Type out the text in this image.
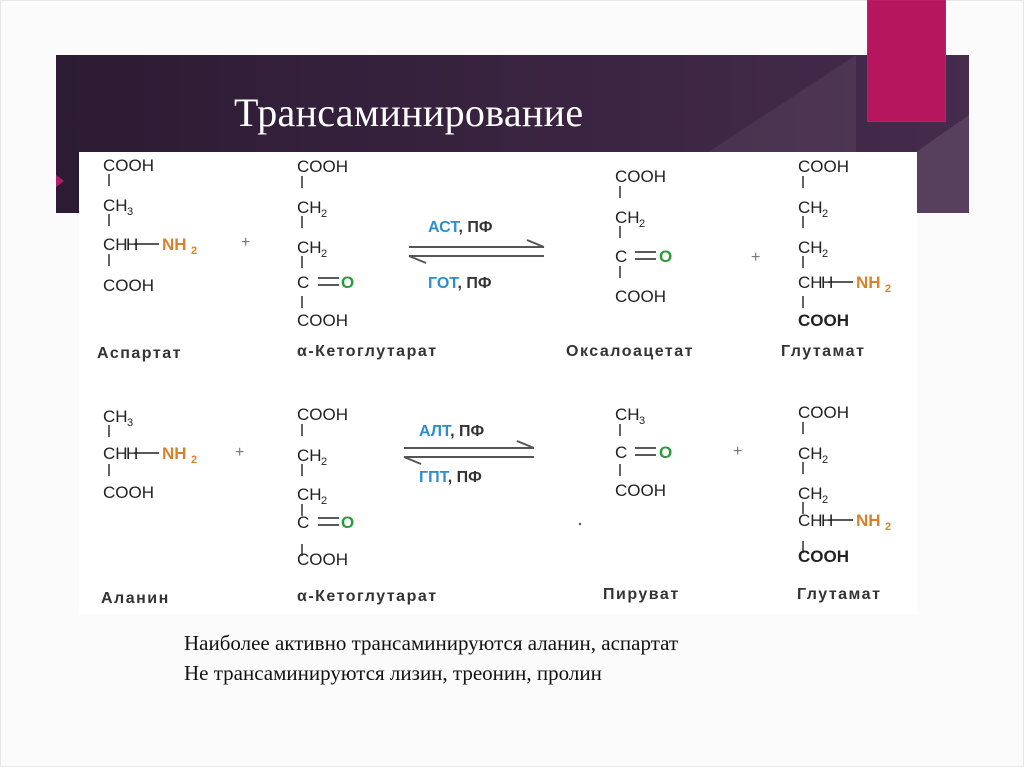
Трансаминирование
COOH
CH 3
CH
H NH 2
COOH
+
COOH
CH 2
CH 2
C O
COOH
АСТ, ПФ
ГОТ, ПФ
COOH
CH 2
C O
COOH
+
COOH
CH 2
CH 2
CH
H NH 2
COOH
Аспартат	α-Кетоглутарат	Оксалоацетат	Глутамат
CH 3
CH
H NH 2
COOH
+
COOH
CH 2
CH 2
C O
COOH
АЛТ, ПФ
ГПТ, ПФ
CH 3
C O
COOH
+
COOH
CH 2
CH 2
CH
H NH 2
COOH
Аланин	α-Кетоглутарат	Пируват	Глутамат
Наиболее активно трансаминируются аланин, аспартат
Не трансаминируются лизин, треонин, пролин
